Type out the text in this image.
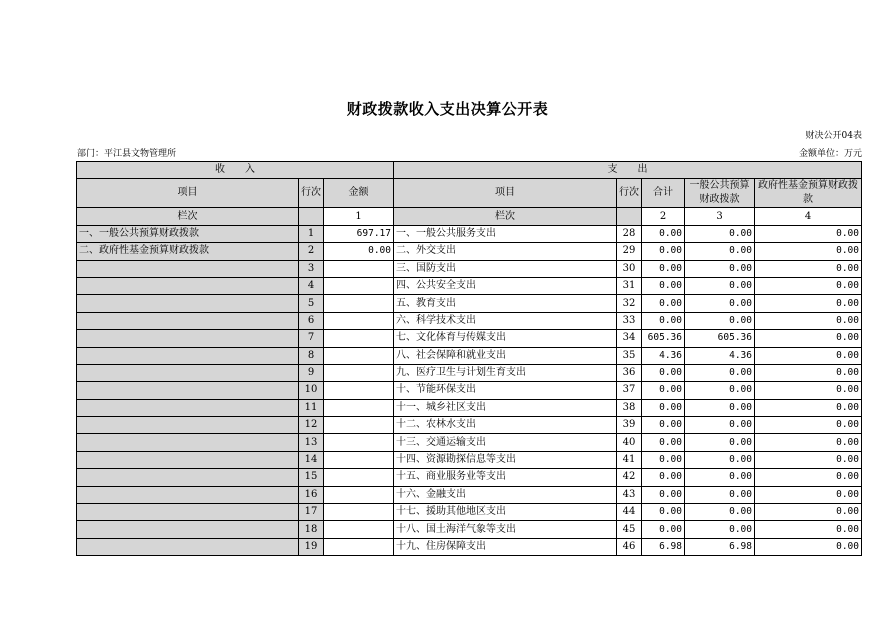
财政拨款收入支出决算公开表
财决公开04表
部门：平江县文物管理所	金额单位：万元
收　　入			支　　出				
项目	行次	金额	项目	行次	合计	一般公共预算财政拨款	政府性基金预算财政拨款
栏次		1	栏次		2	3	4
一、一般公共预算财政拨款	1	697.17	一、一般公共服务支出	28	0.00	0.00	0.00
二、政府性基金预算财政拨款	2	0.00	二、外交支出	29	0.00	0.00	0.00
	3		三、国防支出	30	0.00	0.00	0.00
	4		四、公共安全支出	31	0.00	0.00	0.00
	5		五、教育支出	32	0.00	0.00	0.00
	6		六、科学技术支出	33	0.00	0.00	0.00
	7		七、文化体育与传媒支出	34	605.36	605.36	0.00
	8		八、社会保障和就业支出	35	4.36	4.36	0.00
	9		九、医疗卫生与计划生育支出	36	0.00	0.00	0.00
	10		十、节能环保支出	37	0.00	0.00	0.00
	11		十一、城乡社区支出	38	0.00	0.00	0.00
	12		十二、农林水支出	39	0.00	0.00	0.00
	13		十三、交通运输支出	40	0.00	0.00	0.00
	14		十四、资源勘探信息等支出	41	0.00	0.00	0.00
	15		十五、商业服务业等支出	42	0.00	0.00	0.00
	16		十六、金融支出	43	0.00	0.00	0.00
	17		十七、援助其他地区支出	44	0.00	0.00	0.00
	18		十八、国土海洋气象等支出	45	0.00	0.00	0.00
	19		十九、住房保障支出	46	6.98	6.98	0.00
